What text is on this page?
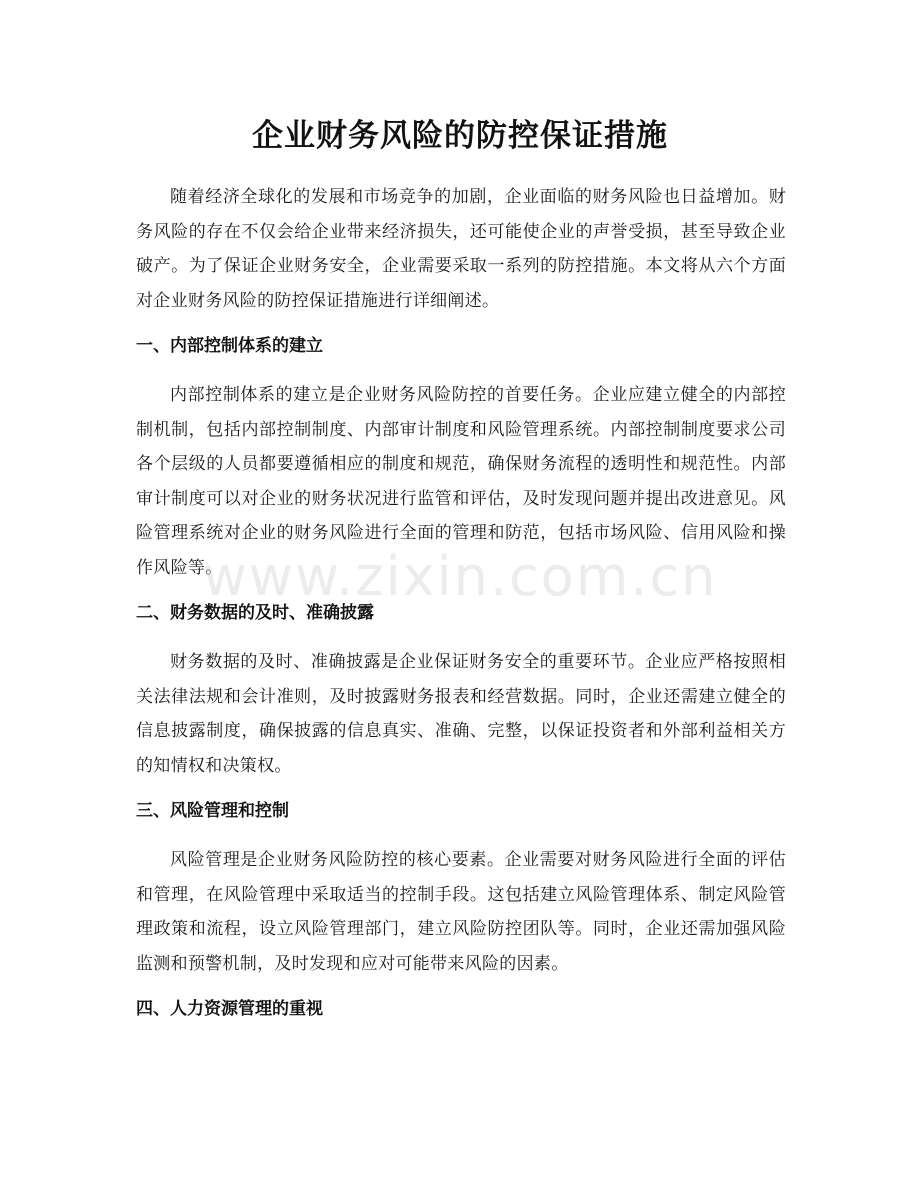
企业财务风险的防控保证措施

随着经济全球化的发展和市场竞争的加剧，企业面临的财务风险也日益增加。财务风险的存在不仅会给企业带来经济损失，还可能使企业的声誉受损，甚至导致企业破产。为了保证企业财务安全，企业需要采取一系列的防控措施。本文将从六个方面对企业财务风险的防控保证措施进行详细阐述。

一、内部控制体系的建立

内部控制体系的建立是企业财务风险防控的首要任务。企业应建立健全的内部控制机制，包括内部控制制度、内部审计制度和风险管理系统。内部控制制度要求公司各个层级的人员都要遵循相应的制度和规范，确保财务流程的透明性和规范性。内部审计制度可以对企业的财务状况进行监管和评估，及时发现问题并提出改进意见。风险管理系统对企业的财务风险进行全面的管理和防范，包括市场风险、信用风险和操作风险等。

二、财务数据的及时、准确披露

财务数据的及时、准确披露是企业保证财务安全的重要环节。企业应严格按照相关法律法规和会计准则，及时披露财务报表和经营数据。同时，企业还需建立健全的信息披露制度，确保披露的信息真实、准确、完整，以保证投资者和外部利益相关方的知情权和决策权。

三、风险管理和控制

风险管理是企业财务风险防控的核心要素。企业需要对财务风险进行全面的评估和管理，在风险管理中采取适当的控制手段。这包括建立风险管理体系、制定风险管理政策和流程，设立风险管理部门，建立风险防控团队等。同时，企业还需加强风险监测和预警机制，及时发现和应对可能带来风险的因素。

四、人力资源管理的重视
www.zixin.com.cn
